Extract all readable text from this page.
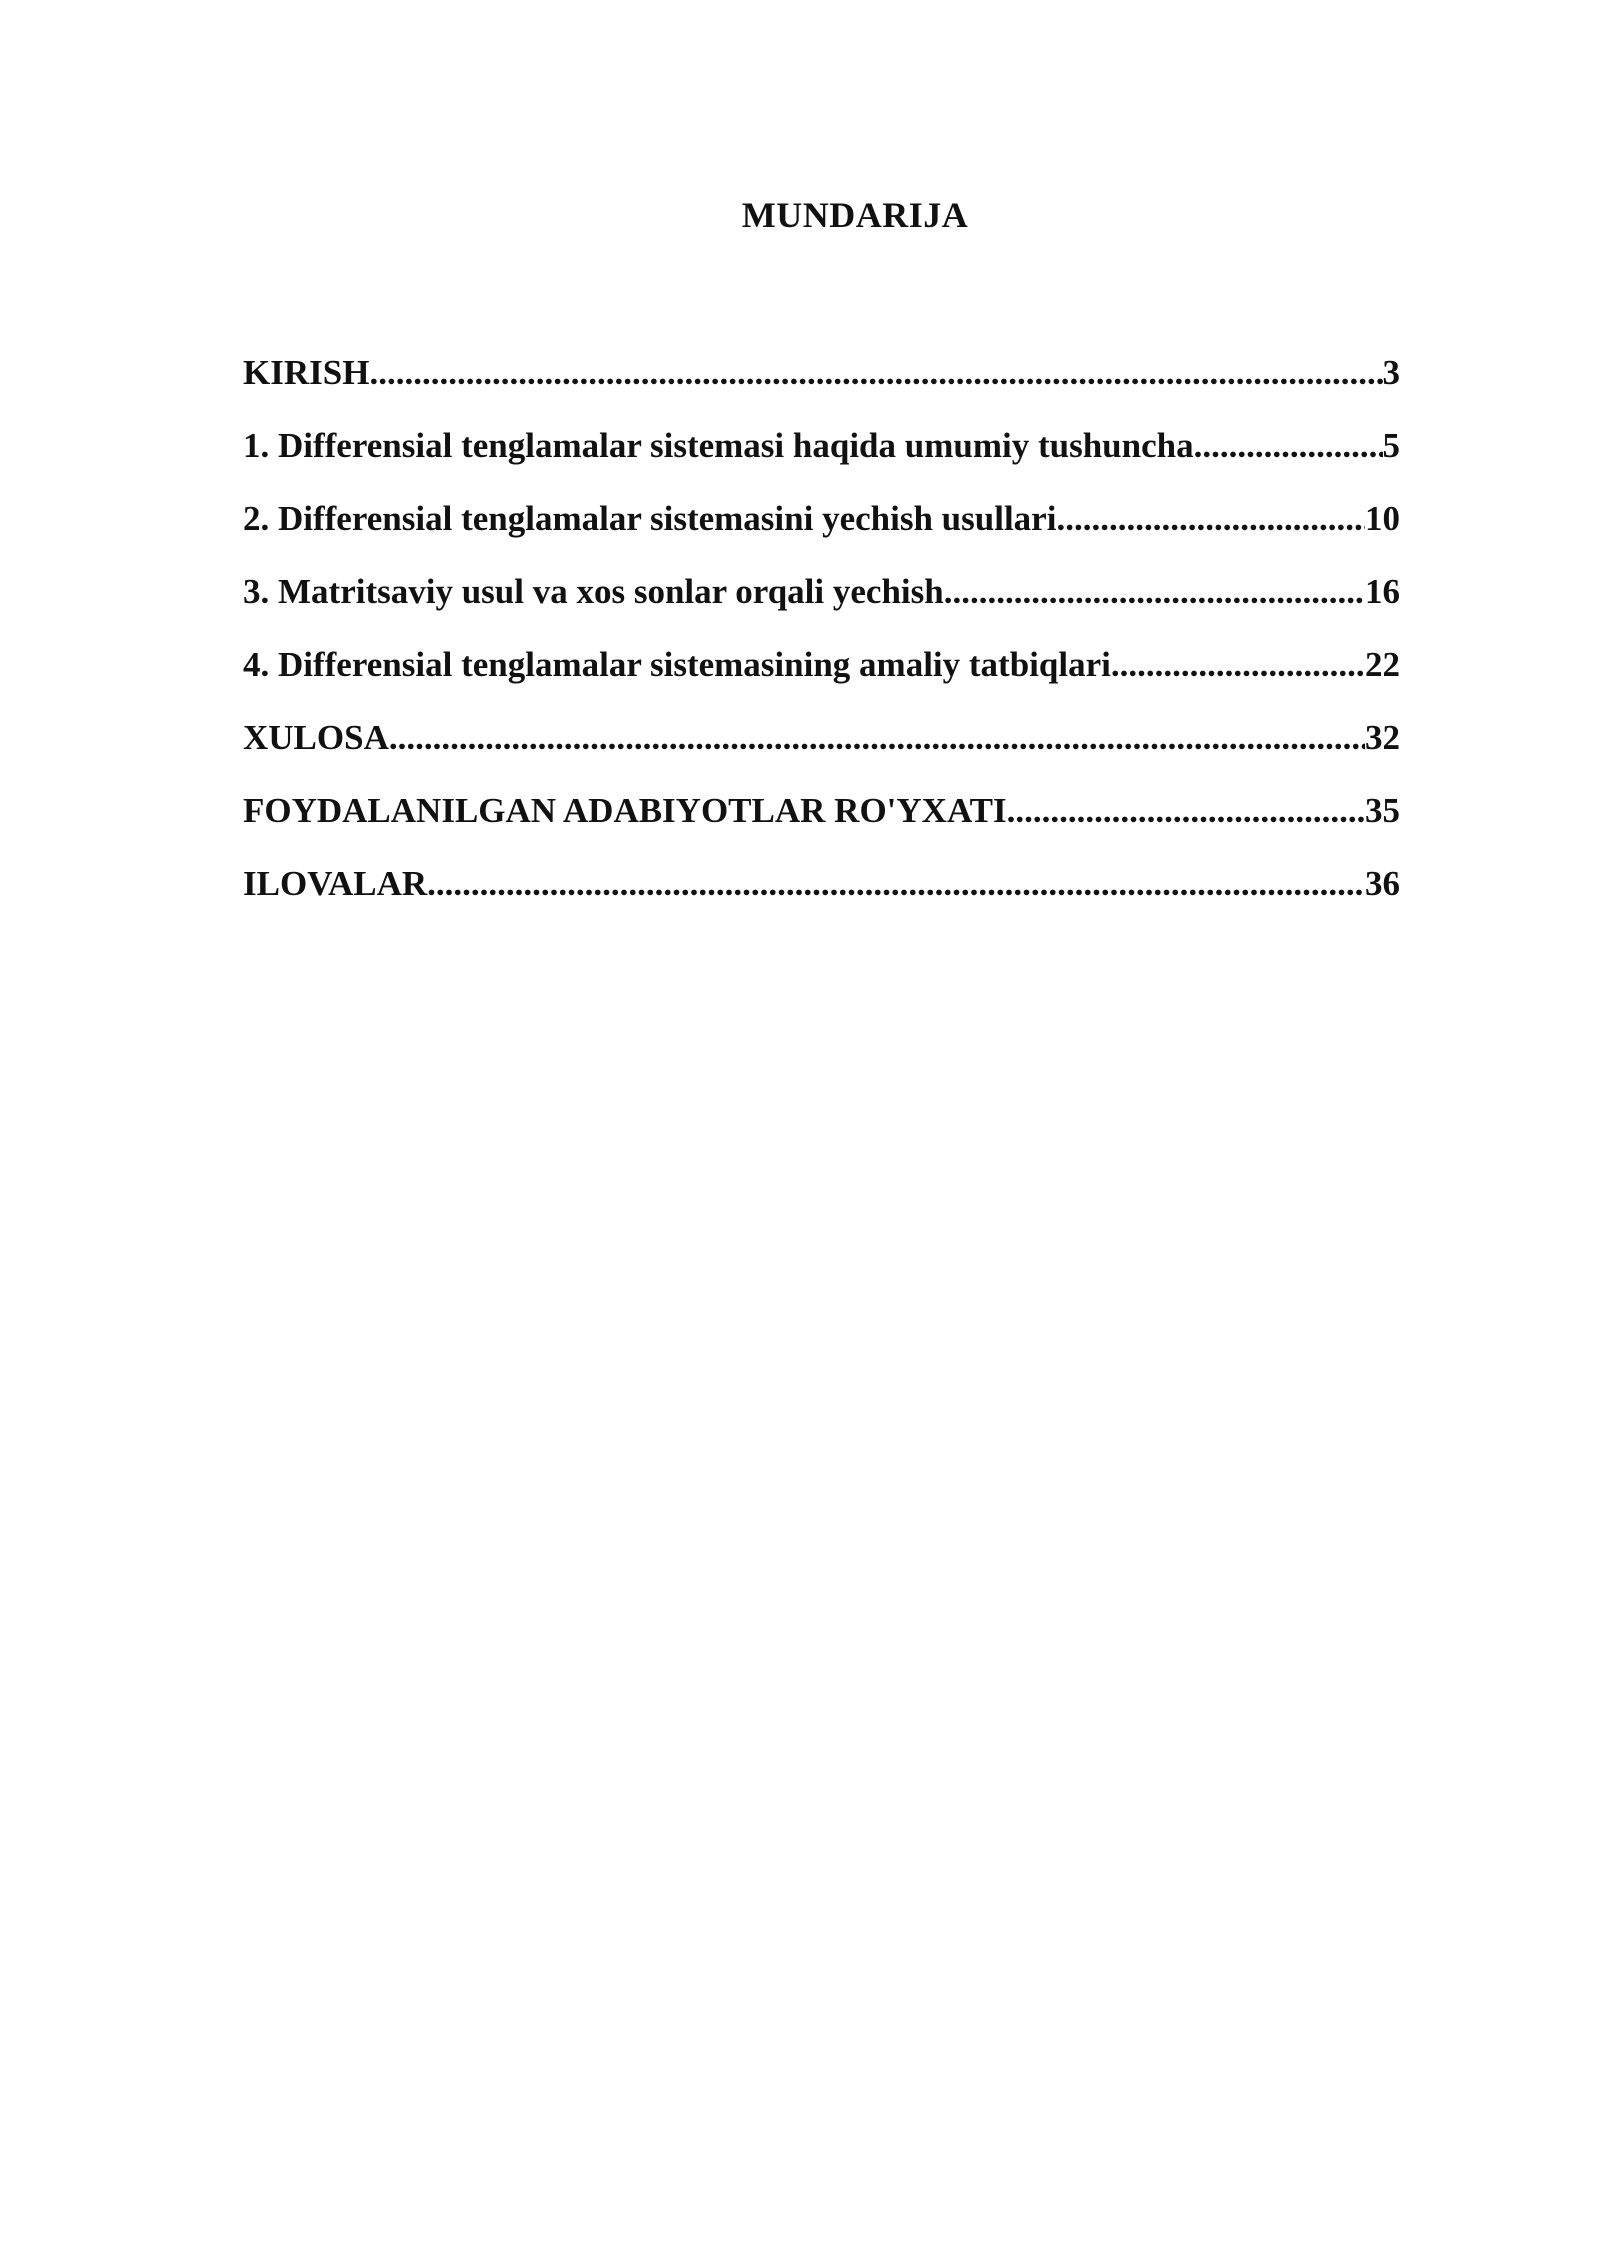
MUNDARIJA
KIRISH .....	3
1. Differensial tenglamalar sistemasi haqida umumiy tushuncha .....	5
2. Differensial tenglamalar sistemasini yechish usullari .....	10
3. Matritsaviy usul va xos sonlar orqali yechish .....	16
4. Differensial tenglamalar sistemasining amaliy tatbiqlari .....	22
XULOSA .....	32
FOYDALANILGAN ADABIYOTLAR RO'YXATI .....	35
ILOVALAR .....	36
